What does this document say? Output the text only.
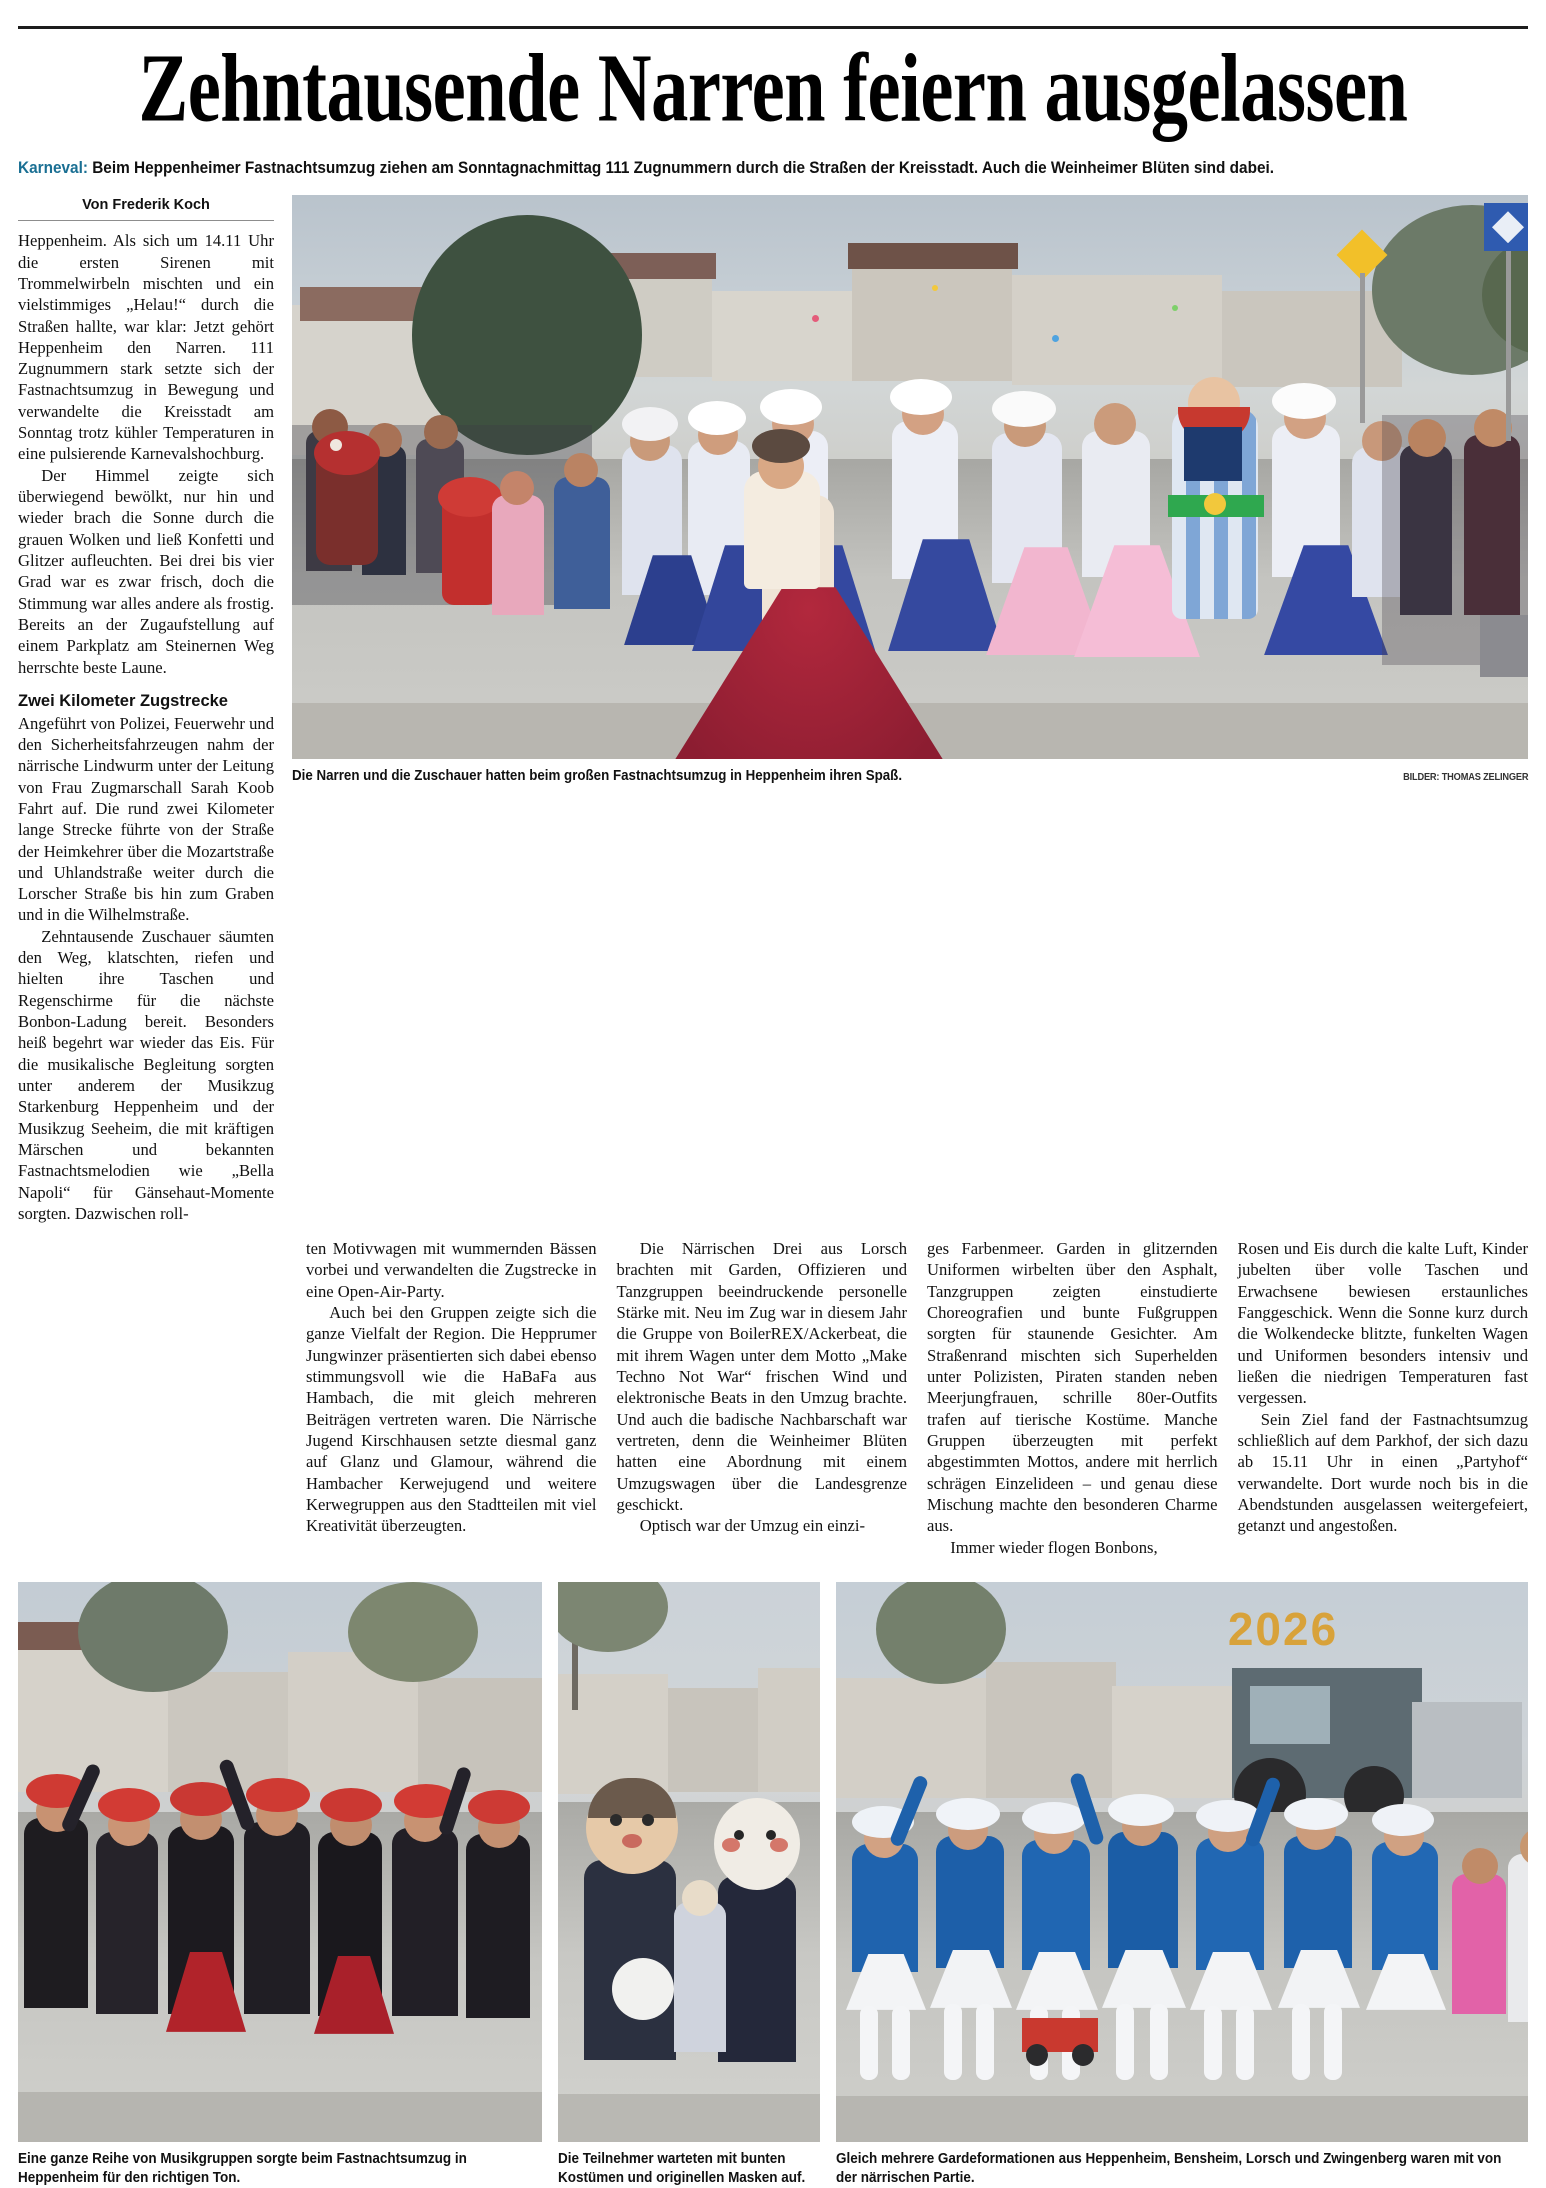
Zehntausende Narren feiern ausgelassen
Karneval: Beim Heppenheimer Fastnachtsumzug ziehen am Sonntagnachmittag 111 Zugnummern durch die Straßen der Kreisstadt. Auch die Weinheimer Blüten sind dabei.
Von Frederik Koch

Heppenheim. Als sich um 14.11 Uhr die ersten Sirenen mit Trommelwirbeln mischten und ein vielstimmiges „Helau!“ durch die Straßen hallte, war klar: Jetzt gehört Heppenheim den Narren. 111 Zugnummern stark setzte sich der Fastnachtsumzug in Bewegung und verwandelte die Kreisstadt am Sonntag trotz kühler Temperaturen in eine pulsierende Karnevalshochburg.

Der Himmel zeigte sich überwiegend bewölkt, nur hin und wieder brach die Sonne durch die grauen Wolken und ließ Konfetti und Glitzer aufleuchten. Bei drei bis vier Grad war es zwar frisch, doch die Stimmung war alles andere als frostig. Bereits an der Zugaufstellung auf einem Parkplatz am Steinernen Weg herrschte beste Laune.

Zwei Kilometer Zugstrecke

Angeführt von Polizei, Feuerwehr und den Sicherheitsfahrzeugen nahm der närrische Lindwurm unter der Leitung von Frau Zugmarschall Sarah Koob Fahrt auf. Die rund zwei Kilometer lange Strecke führte von der Straße der Heimkehrer über die Mozartstraße und Uhlandstraße weiter durch die Lorscher Straße bis hin zum Graben und in die Wilhelmstraße.

Zehntausende Zuschauer säumten den Weg, klatschten, riefen und hielten ihre Taschen und Regenschirme für die nächste Bonbon-Ladung bereit. Besonders heiß begehrt war wieder das Eis. Für die musikalische Begleitung sorgten unter anderem der Musikzug Starkenburg Heppenheim und der Musikzug Seeheim, die mit kräftigen Märschen und bekannten Fastnachtsmelodien wie „Bella Napoli“ für Gänsehaut-Momente sorgten. Dazwischen roll-

Die Narren und die Zuschauer hatten beim großen Fastnachtsumzug in Heppenheim ihren Spaß.	BILDER: THOMAS ZELINGER

ten Motivwagen mit wummernden Bässen vorbei und verwandelten die Zugstrecke in eine Open-Air-Party.

Auch bei den Gruppen zeigte sich die ganze Vielfalt der Region. Die Hepprumer Jungwinzer präsentierten sich dabei ebenso stimmungsvoll wie die HaBaFa aus Hambach, die mit gleich mehreren Beiträgen vertreten waren. Die Närrische Jugend Kirschhausen setzte diesmal ganz auf Glanz und Glamour, während die Hambacher Kerwejugend und weitere Kerwegruppen aus den Stadtteilen mit viel Kreativität überzeugten.

Die Närrischen Drei aus Lorsch brachten mit Garden, Offizieren und Tanzgruppen beeindruckende personelle Stärke mit. Neu im Zug war in diesem Jahr die Gruppe von BoilerREX/Ackerbeat, die mit ihrem Wagen unter dem Motto „Make Techno Not War“ frischen Wind und elektronische Beats in den Umzug brachte. Und auch die badische Nachbarschaft war vertreten, denn die Weinheimer Blüten hatten eine Abordnung mit einem Umzugswagen über die Landesgrenze geschickt.

Optisch war der Umzug ein einzi-

ges Farbenmeer. Garden in glitzernden Uniformen wirbelten über den Asphalt, Tanzgruppen zeigten einstudierte Choreografien und bunte Fußgruppen sorgten für staunende Gesichter. Am Straßenrand mischten sich Superhelden unter Polizisten, Piraten standen neben Meerjungfrauen, schrille 80er-Outfits trafen auf tierische Kostüme. Manche Gruppen überzeugten mit perfekt abgestimmten Mottos, andere mit herrlich schrägen Einzelideen – und genau diese Mischung machte den besonderen Charme aus.

Immer wieder flogen Bonbons,

Rosen und Eis durch die kalte Luft, Kinder jubelten über volle Taschen und Erwachsene bewiesen erstaunliches Fanggeschick. Wenn die Sonne kurz durch die Wolkendecke blitzte, funkelten Wagen und Uniformen besonders intensiv und ließen die niedrigen Temperaturen fast vergessen.

Sein Ziel fand der Fastnachtsumzug schließlich auf dem Parkhof, der sich dazu ab 15.11 Uhr in einen „Partyhof“ verwandelte. Dort wurde noch bis in die Abendstunden ausgelassen weitergefeiert, getanzt und angestoßen.

Eine ganze Reihe von Musikgruppen sorgte beim Fastnachtsumzug in Heppenheim für den richtigen Ton.
Die Teilnehmer warteten mit bunten Kostümen und originellen Masken auf.
2026
Gleich mehrere Gardeformationen aus Heppenheim, Bensheim, Lorsch und Zwingenberg waren mit von der närrischen Partie.
